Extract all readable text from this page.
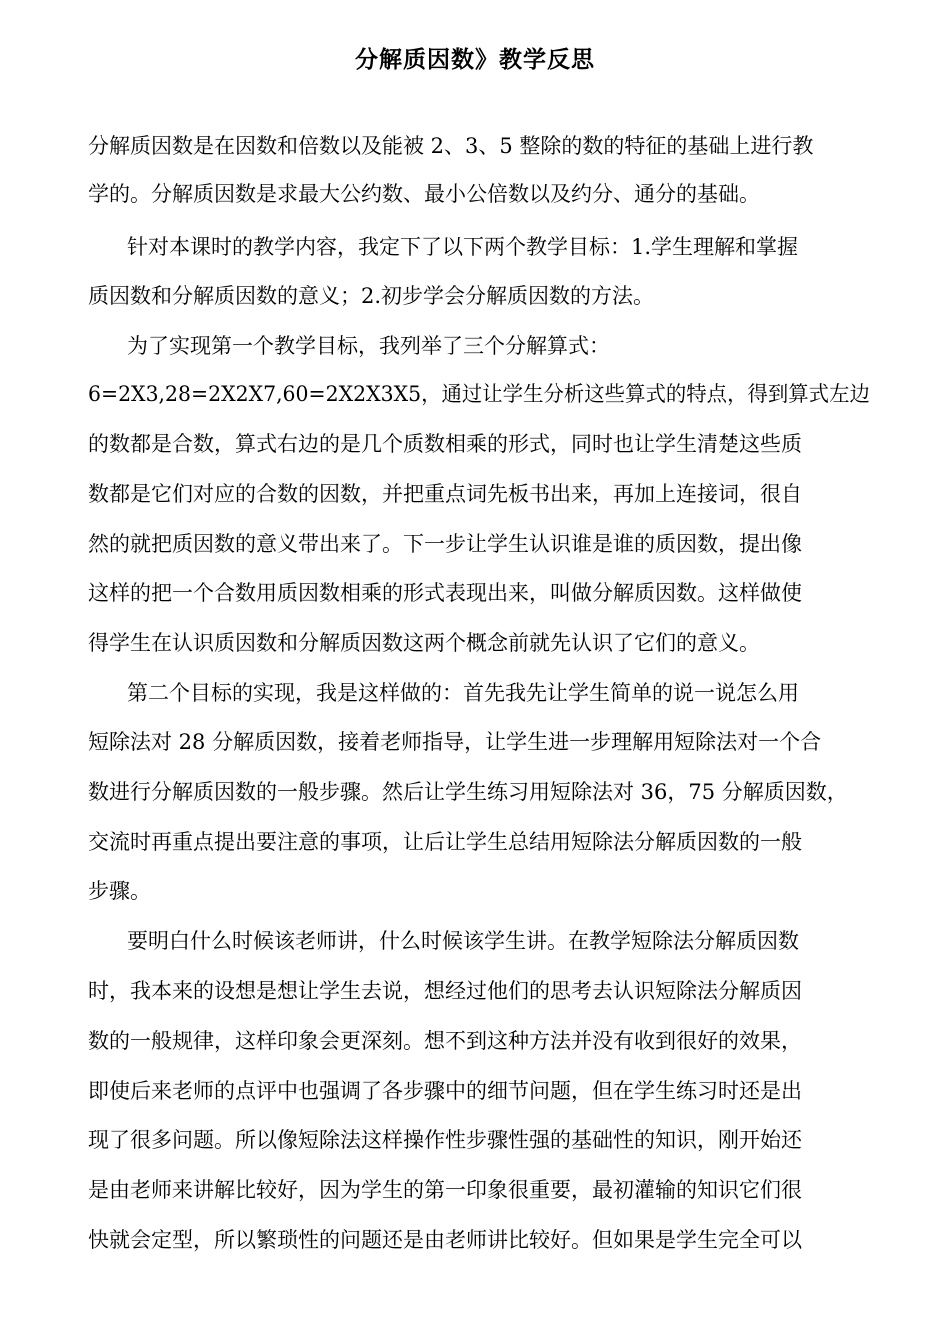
分解质因数》教学反思
分解质因数是在因数和倍数以及能被 2、3、5 整除的数的特征的基础上进行教
学的。分解质因数是求最大公约数、最小公倍数以及约分、通分的基础。
针对本课时的教学内容，我定下了以下两个教学目标：1.学生理解和掌握
质因数和分解质因数的意义；2.初步学会分解质因数的方法。
为了实现第一个教学目标，我列举了三个分解算式：
6=2X3,28=2X2X7,60=2X2X3X5，通过让学生分析这些算式的特点，得到算式左边
的数都是合数，算式右边的是几个质数相乘的形式，同时也让学生清楚这些质
数都是它们对应的合数的因数，并把重点词先板书出来，再加上连接词，很自
然的就把质因数的意义带出来了。下一步让学生认识谁是谁的质因数，提出像
这样的把一个合数用质因数相乘的形式表现出来，叫做分解质因数。这样做使
得学生在认识质因数和分解质因数这两个概念前就先认识了它们的意义。
第二个目标的实现，我是这样做的：首先我先让学生简单的说一说怎么用
短除法对 28 分解质因数，接着老师指导，让学生进一步理解用短除法对一个合
数进行分解质因数的一般步骤。然后让学生练习用短除法对 36，75 分解质因数，
交流时再重点提出要注意的事项，让后让学生总结用短除法分解质因数的一般
步骤。
要明白什么时候该老师讲，什么时候该学生讲。在教学短除法分解质因数
时，我本来的设想是想让学生去说，想经过他们的思考去认识短除法分解质因
数的一般规律，这样印象会更深刻。想不到这种方法并没有收到很好的效果，
即使后来老师的点评中也强调了各步骤中的细节问题，但在学生练习时还是出
现了很多问题。所以像短除法这样操作性步骤性强的基础性的知识，刚开始还
是由老师来讲解比较好，因为学生的第一印象很重要，最初灌输的知识它们很
快就会定型，所以繁琐性的问题还是由老师讲比较好。但如果是学生完全可以
